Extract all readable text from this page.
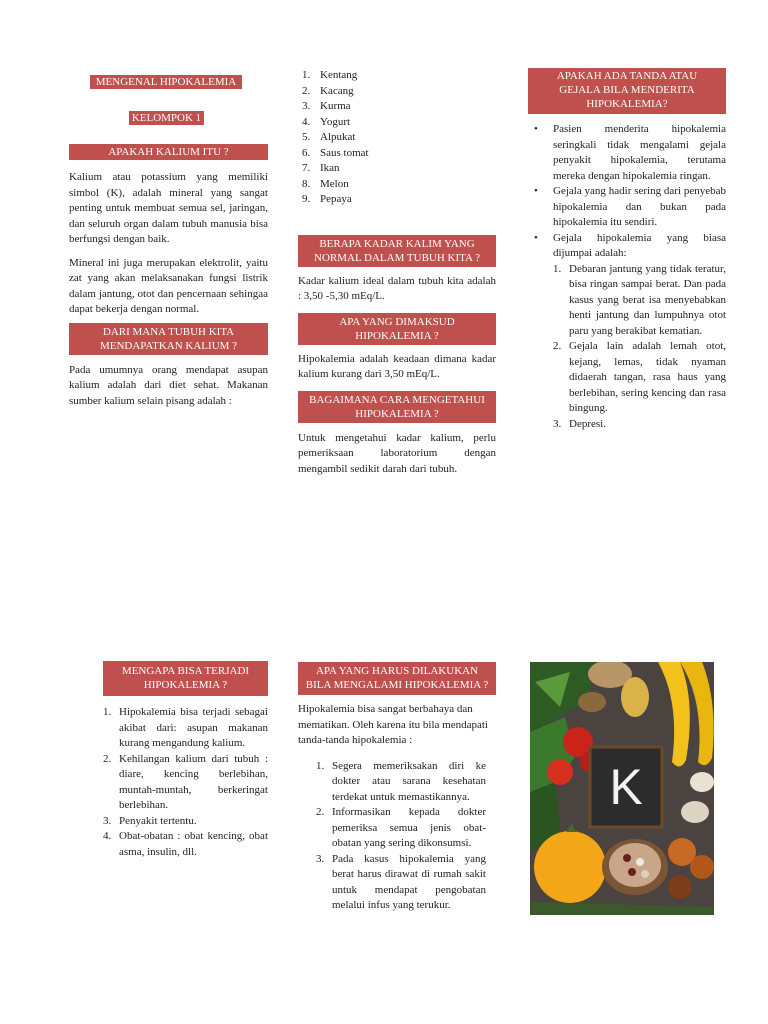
MENGENAL HIPOKALEMIA
KELOMPOK 1
APAKAH KALIUM ITU ?

Kalium atau potassium yang memiliki simbol (K), adalah mineral yang sangat penting untuk membuat semua sel, jaringan, dan seluruh organ dalam tubuh manusia bisa berfungsi dengan baik.

Mineral ini juga merupakan elektrolit, yaitu zat yang akan melaksanakan fungsi listrik dalam jantung, otot dan pencernaan sehingaa dapat bekerja dengan normal.

DARI MANA TUBUH KITA
MENDAPATKAN KALIUM ?

Pada umumnya orang mendapat asupan kalium adalah dari diet sehat. Makanan sumber kalium selain pisang adalah :

1. Kentang
2. Kacang
3. Kurma
4. Yogurt
5. Alpukat
6. Saus tomat
7. Ikan
8. Melon
9. Pepaya
BERAPA KADAR KALIM YANG
NORMAL DALAM TUBUH KITA ?

Kadar kalium ideal dalam tubuh kita adalah : 3,50 -5,30 mEq/L.

APA YANG DIMAKSUD
HIPOKALEMIA ?

Hipokalemia adalah keadaan dimana kadar kalium kurang dari 3,50 mEq/L.

BAGAIMANA CARA MENGETAHUI
HIPOKALEMIA ?

Untuk mengetahui kadar kalium, perlu pemeriksaan laboratorium dengan mengambil sedikit darah dari tubuh.

APAKAH ADA TANDA ATAU
GEJALA BILA MENDERITA
HIPOKALEMIA?
• Pasien menderita hipokalemia seringkali tidak mengalami gejala penyakit hipokalemia, terutama mereka dengan hipokalemia ringan.
• Gejala yang hadir sering dari penyebab hipokalemia dan bukan pada hipokalemia itu sendiri.
• Gejala hipokalemia yang biasa dijumpai adalah:
1. Debaran jantung yang tidak teratur, bisa ringan sampai berat. Dan pada kasus yang berat isa menyebabkan henti jantung dan lumpuhnya otot paru yang berakibat kematian.
2. Gejala lain adalah lemah otot, kejang, lemas, tidak nyaman didaerah tangan, rasa haus yang berlebihan, sering kencing dan rasa bingung.
3. Depresi.
MENGAPA BISA TERJADI
HIPOKALEMIA ?
1. Hipokalemia bisa terjadi sebagai akibat dari: asupan makanan kurang mengandung kalium.
2. Kehilangan kalium dari tubuh : diare, kencing berlebihan, muntah-muntah, berkeringat berlebihan.
3. Penyakit tertentu.
4. Obat-obatan : obat kencing, obat asma, insulin, dll.
APA YANG HARUS DILAKUKAN
BILA MENGALAMI HIPOKALEMIA ?

Hipokalemia bisa sangat berbahaya dan mematikan. Oleh karena itu bila mendapati tanda-tanda hipokalemia :

1. Segera memeriksakan diri ke dokter atau sarana kesehatan terdekat untuk memastikannya.
2. Informasikan kepada dokter pemeriksa semua jenis obat-obatan yang sering dikonsumsi.
3. Pada kasus hipokalemia yang berat harus dirawat di rumah sakit untuk mendapat pengobatan melalui infus yang terukur.
K
